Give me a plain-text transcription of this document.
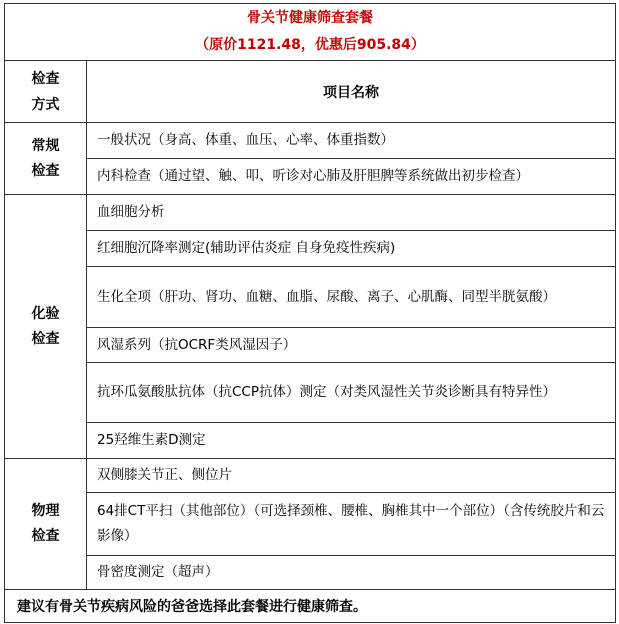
骨关节健康筛查套餐
（原价1121.48，优惠后905.84）	

检查
方式	项目名称

常规
检查	一般状况（身高、体重、血压、心率、体重指数）
	内科检查（通过望、触、叩、听诊对心肺及肝胆脾等系统做出初步检查）

化验
检查	血细胞分析
	红细胞沉降率测定(辅助评估炎症 自身免疫性疾病)
	生化全项（肝功、肾功、血糖、血脂、尿酸、离子、心肌酶、同型半胱氨酸）
	风湿系列（抗OCRF类风湿因子）
	抗环瓜氨酸肽抗体（抗CCP抗体）测定（对类风湿性关节炎诊断具有特异性）
	25羟维生素D测定

物理
检查	双侧膝关节正、侧位片
	64排CT平扫（其他部位）（可选择颈椎、腰椎、胸椎其中一个部位）（含传统胶片和云影像）
	骨密度测定（超声）
建议有骨关节疾病风险的爸爸选择此套餐进行健康筛查。	
